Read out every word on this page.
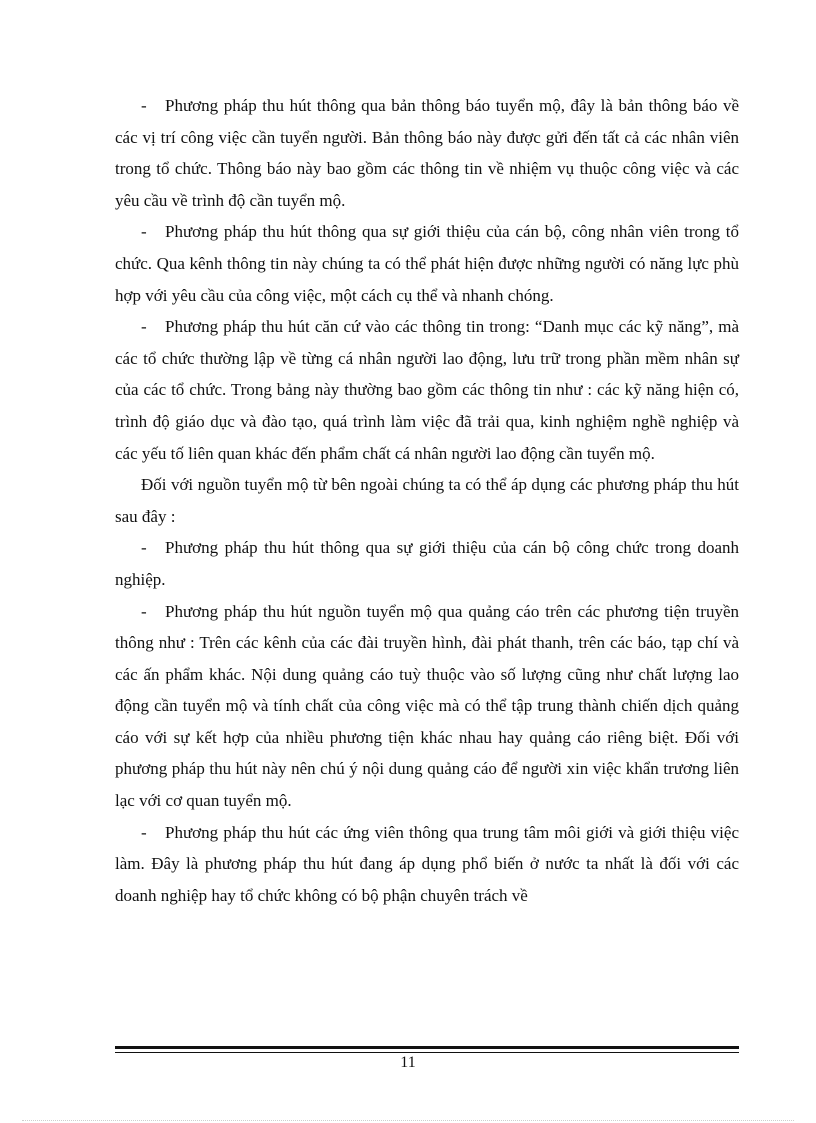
- Phương pháp thu hút thông qua bản thông báo tuyển mộ, đây là bản thông báo về các vị trí công việc cần tuyển người. Bản thông báo này được gửi đến tất cả các nhân viên trong tổ chức. Thông báo này bao gồm các thông tin về nhiệm vụ thuộc công việc và các yêu cầu về trình độ cần tuyển mộ.

- Phương pháp thu hút thông qua sự giới thiệu của cán bộ, công nhân viên trong tổ chức. Qua kênh thông tin này chúng ta có thể phát hiện được những người có năng lực phù hợp với yêu cầu của công việc, một cách cụ thể và nhanh chóng.

- Phương pháp thu hút căn cứ vào các thông tin trong: “Danh mục các kỹ năng”, mà các tổ chức thường lập về từng cá nhân người lao động, lưu trữ trong phần mềm nhân sự của các tổ chức. Trong bảng này thường bao gồm các thông tin như : các kỹ năng hiện có, trình độ giáo dục và đào tạo, quá trình làm việc đã trải qua, kinh nghiệm nghề nghiệp và các yếu tố liên quan khác đến phẩm chất cá nhân người lao động cần tuyển mộ.

Đối với nguồn tuyển mộ từ bên ngoài chúng ta có thể áp dụng các phương pháp thu hút sau đây :

- Phương pháp thu hút thông qua sự giới thiệu của cán bộ công chức trong doanh nghiệp.

- Phương pháp thu hút nguồn tuyển mộ qua quảng cáo trên các phương tiện truyền thông như : Trên các kênh của các đài truyền hình, đài phát thanh, trên các báo, tạp chí và các ấn phẩm khác. Nội dung quảng cáo tuỳ thuộc vào số lượng cũng như chất lượng lao động cần tuyển mộ và tính chất của công việc mà có thể tập trung thành chiến dịch quảng cáo với sự kết hợp của nhiều phương tiện khác nhau hay quảng cáo riêng biệt. Đối với phương pháp thu hút này nên chú ý nội dung quảng cáo để người xin việc khẩn trương liên lạc với cơ quan tuyển mộ.

- Phương pháp thu hút các ứng viên thông qua trung tâm môi giới và giới thiệu việc làm. Đây là phương pháp thu hút đang áp dụng phổ biến ở nước ta nhất là đối với các doanh nghiệp hay tổ chức không có bộ phận chuyên trách về

11
